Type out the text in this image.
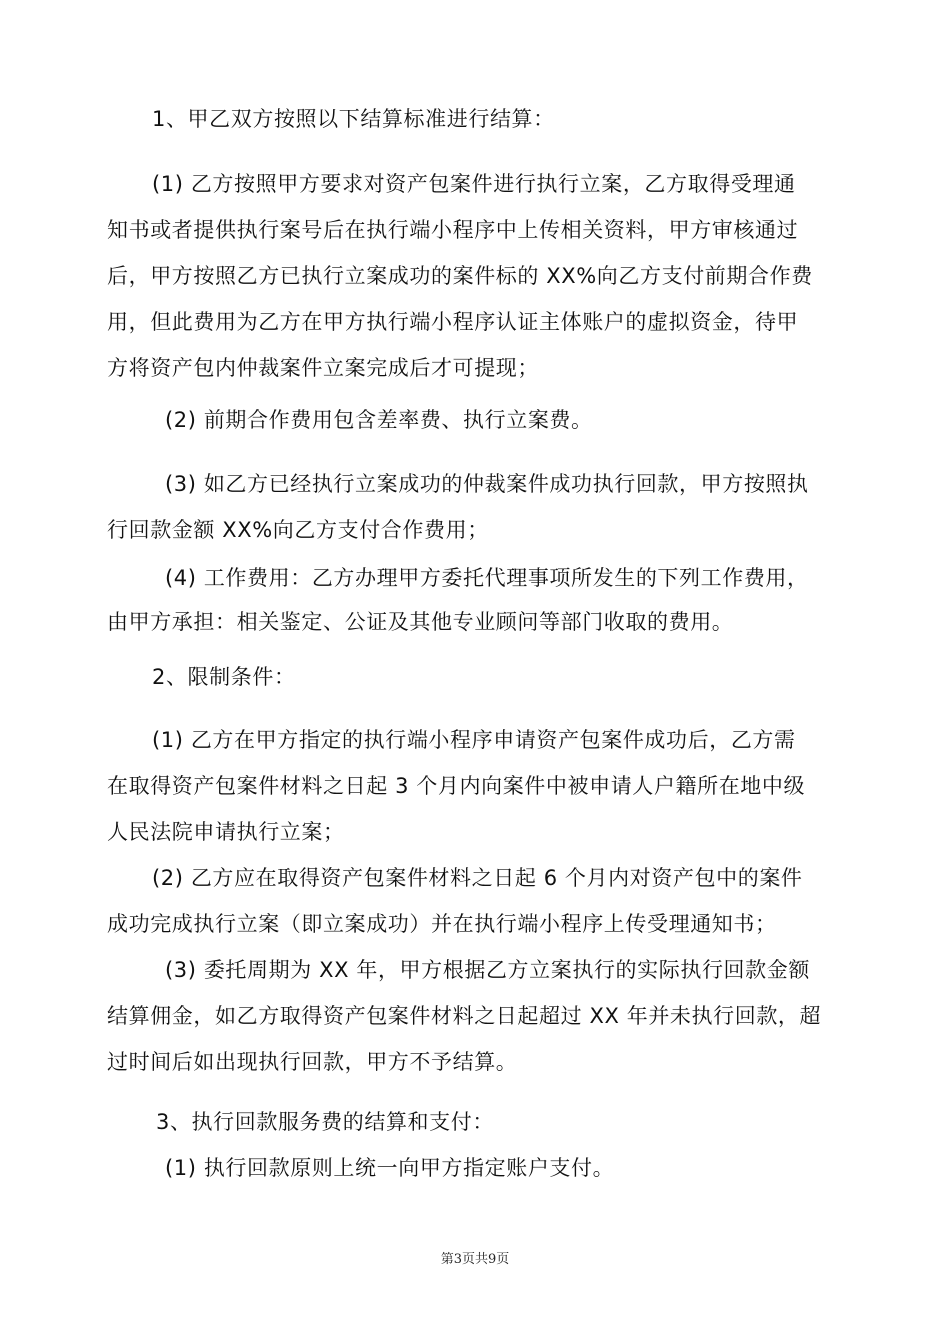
1、甲乙双方按照以下结算标准进行结算：
(1) 乙方按照甲方要求对资产包案件进行执行立案，乙方取得受理通
知书或者提供执行案号后在执行端小程序中上传相关资料，甲方审核通过
后，甲方按照乙方已执行立案成功的案件标的 XX%向乙方支付前期合作费
用，但此费用为乙方在甲方执行端小程序认证主体账户的虚拟资金，待甲
方将资产包内仲裁案件立案完成后才可提现；
(2) 前期合作费用包含差率费、执行立案费。
(3) 如乙方已经执行立案成功的仲裁案件成功执行回款，甲方按照执
行回款金额 XX%向乙方支付合作费用；
(4) 工作费用：乙方办理甲方委托代理事项所发生的下列工作费用，
由甲方承担：相关鉴定、公证及其他专业顾问等部门收取的费用。
2、限制条件：
(1) 乙方在甲方指定的执行端小程序申请资产包案件成功后，乙方需
在取得资产包案件材料之日起 3 个月内向案件中被申请人户籍所在地中级
人民法院申请执行立案；
(2) 乙方应在取得资产包案件材料之日起 6 个月内对资产包中的案件
成功完成执行立案（即立案成功）并在执行端小程序上传受理通知书；
(3) 委托周期为 XX 年，甲方根据乙方立案执行的实际执行回款金额
结算佣金，如乙方取得资产包案件材料之日起超过 XX 年并未执行回款，超
过时间后如出现执行回款，甲方不予结算。
3、执行回款服务费的结算和支付：
(1) 执行回款原则上统一向甲方指定账户支付。
第3页共9页
